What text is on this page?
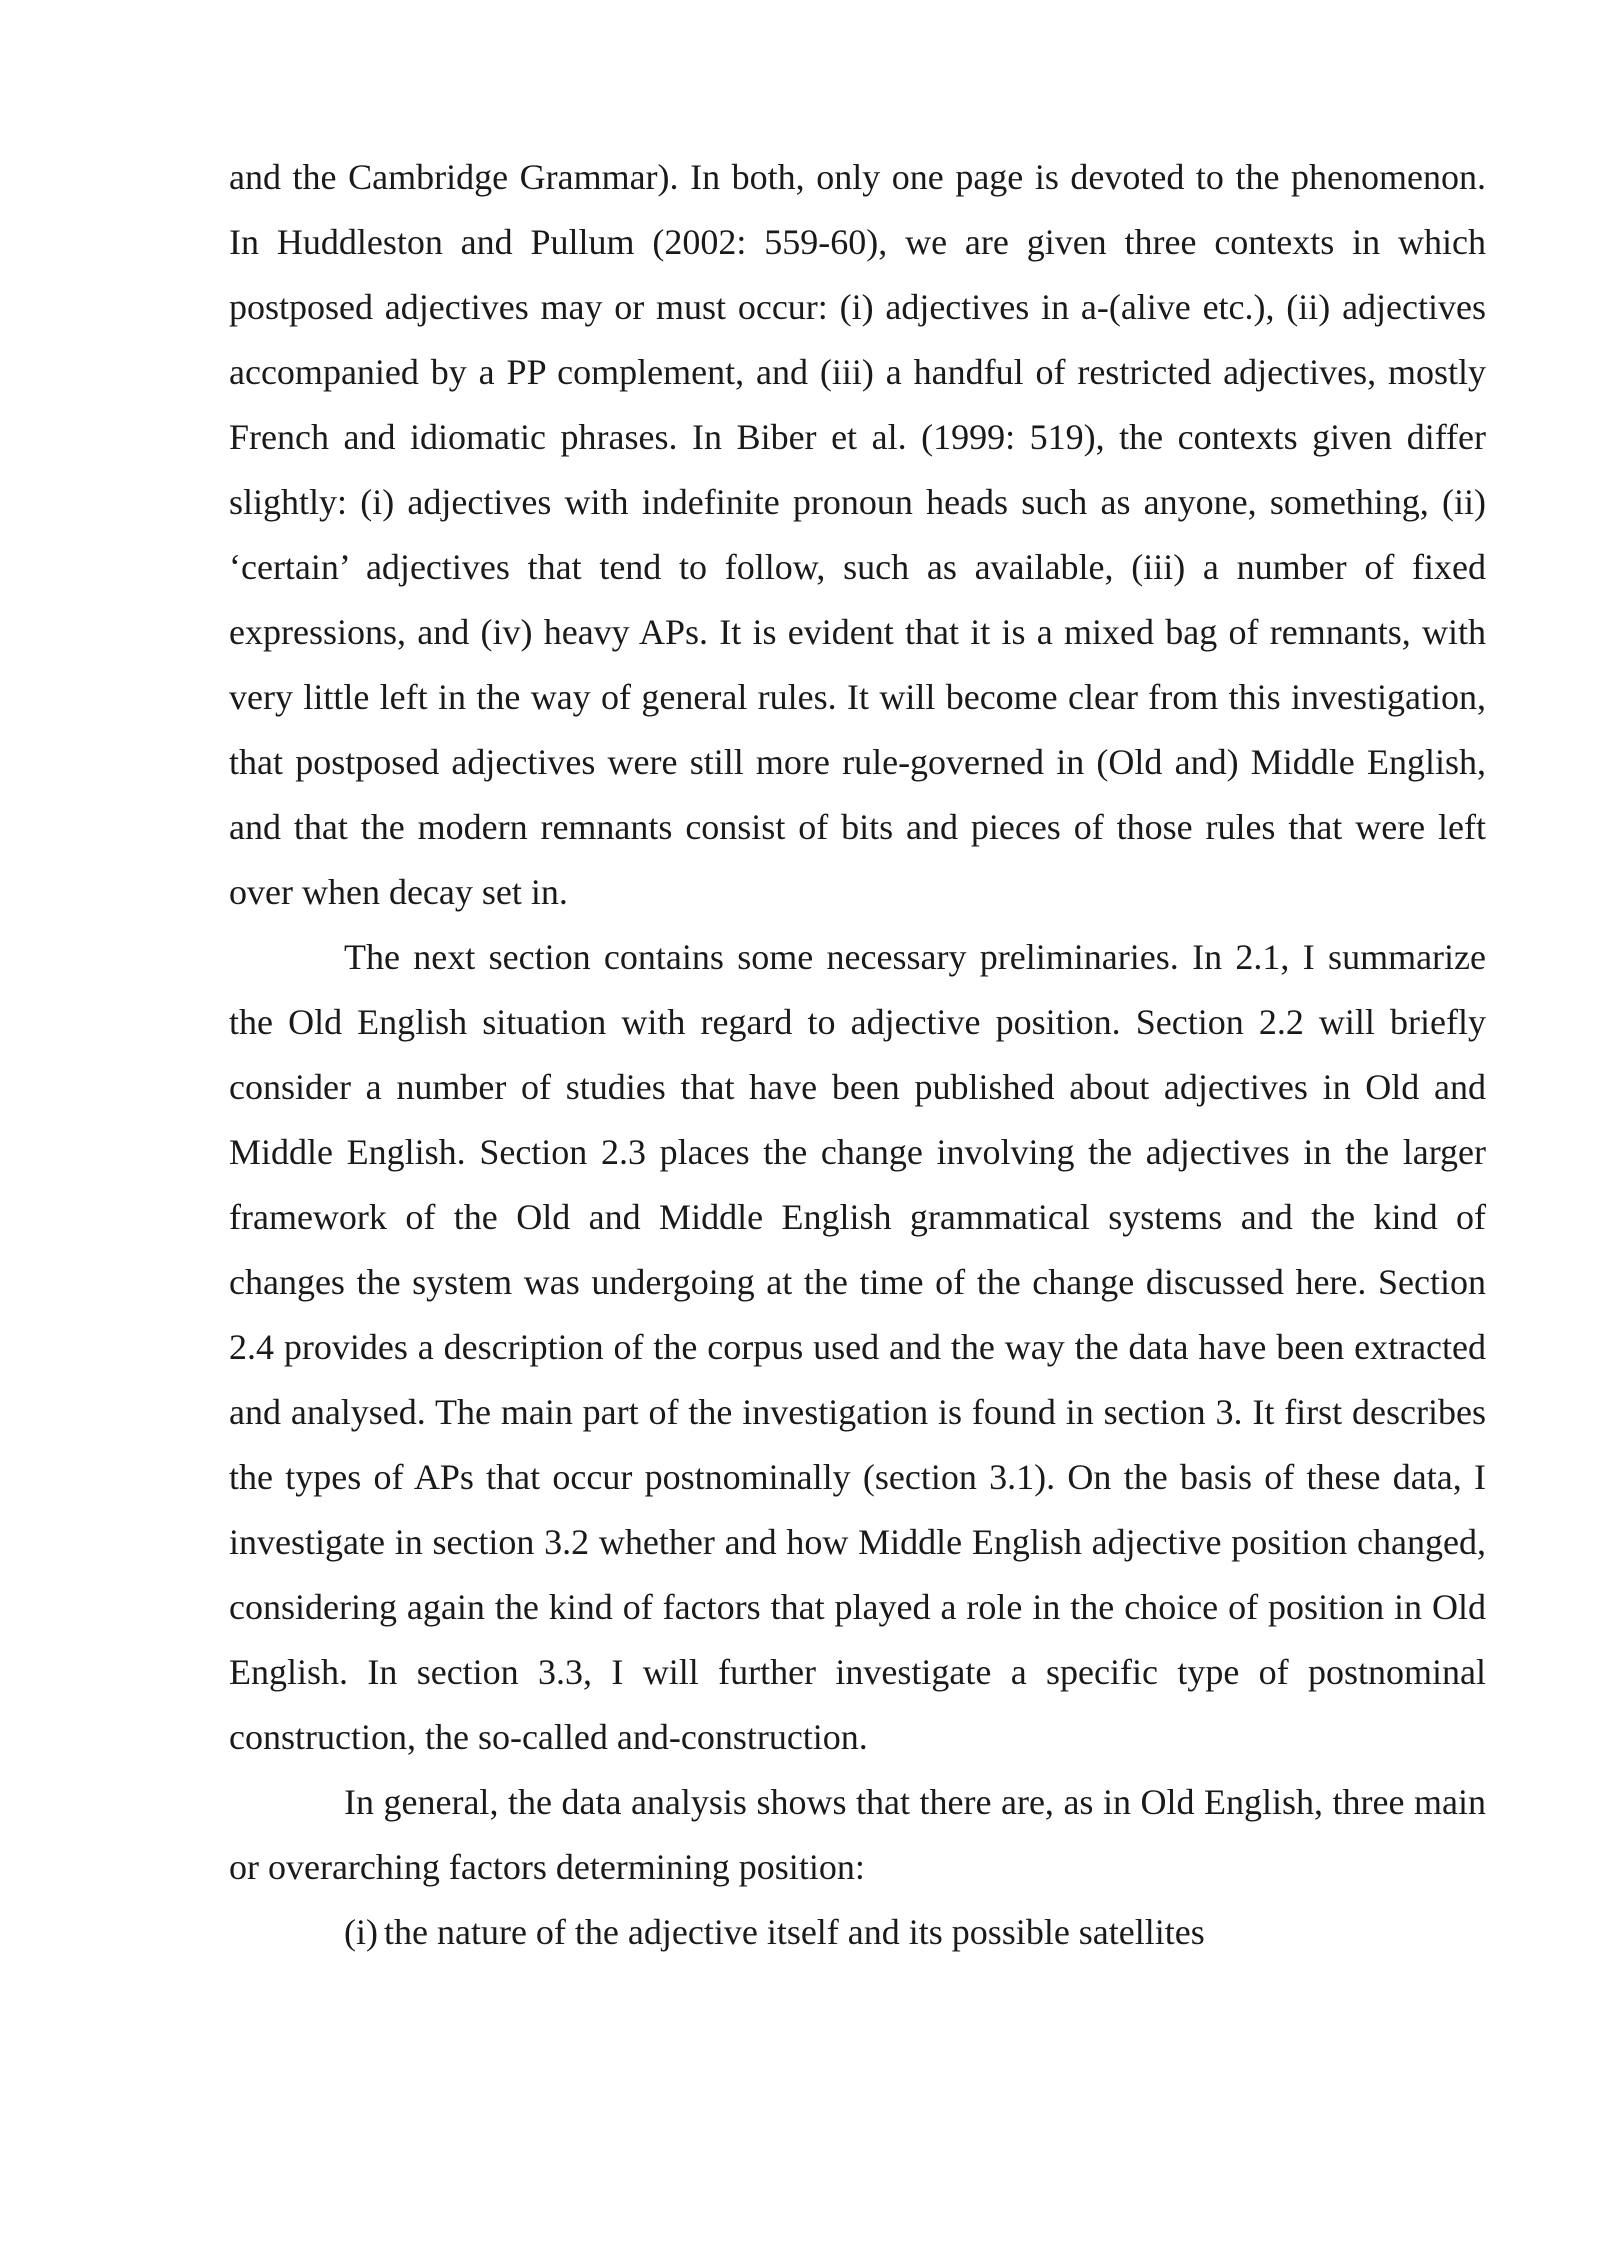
and the Cambridge Grammar). In both, only one page is devoted to the phenomenon. In Huddleston and Pullum (2002: 559-60), we are given three contexts in which postposed adjectives may or must occur: (i) adjectives in a-(alive etc.), (ii) adjectives accompanied by a PP complement, and (iii) a handful of restricted adjectives, mostly French and idiomatic phrases. In Biber et al. (1999: 519), the contexts given differ slightly: (i) adjectives with indefinite pronoun heads such as anyone, something, (ii) ‘certain’ adjectives that tend to follow, such as available, (iii) a number of fixed expressions, and (iv) heavy APs. It is evident that it is a mixed bag of remnants, with very little left in the way of general rules. It will become clear from this investigation, that postposed adjectives were still more rule-governed in (Old and) Middle English, and that the modern remnants consist of bits and pieces of those rules that were left over when decay set in.

The next section contains some necessary preliminaries. In 2.1, I summarize the Old English situation with regard to adjective position. Section 2.2 will briefly consider a number of studies that have been published about adjectives in Old and Middle English. Section 2.3 places the change involving the adjectives in the larger framework of the Old and Middle English grammatical systems and the kind of changes the system was undergoing at the time of the change discussed here. Section 2.4 provides a description of the corpus used and the way the data have been extracted and analysed. The main part of the investigation is found in section 3. It first describes the types of APs that occur postnominally (section 3.1). On the basis of these data, I investigate in section 3.2 whether and how Middle English adjective position changed, considering again the kind of factors that played a role in the choice of position in Old English. In section 3.3, I will further investigate a specific type of postnominal construction, the so-called and-construction.

In general, the data analysis shows that there are, as in Old English, three main or overarching factors determining position:

(i) the nature of the adjective itself and its possible satellites
